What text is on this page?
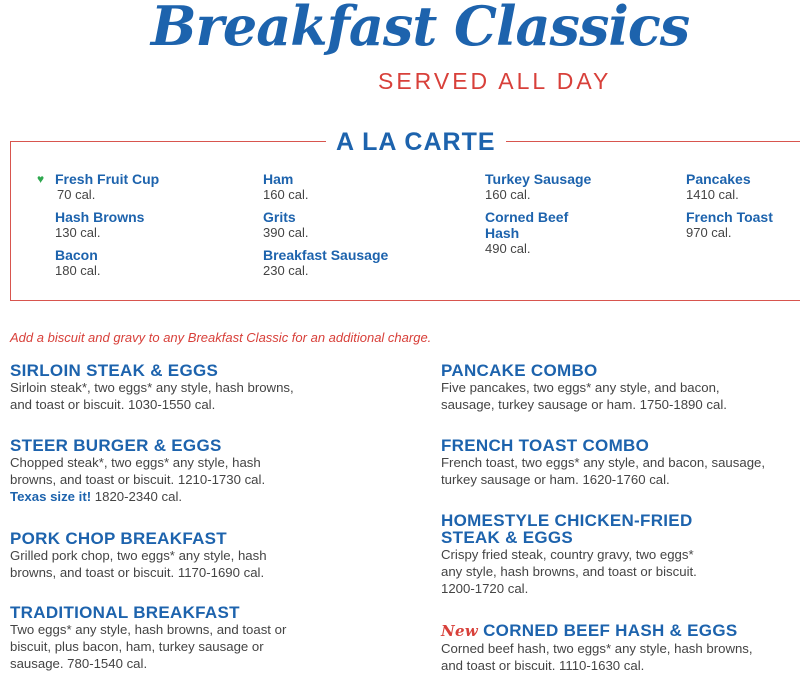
Breakfast Classics
SERVED ALL DAY
A LA CARTE
♥ Fresh Fruit Cup
70 cal.
Hash Browns
130 cal.
Bacon
180 cal.
Ham
160 cal.
Grits
390 cal.
Breakfast Sausage
230 cal.
Turkey Sausage
160 cal.
Corned Beef Hash
490 cal.
Pancakes
1410 cal.
French Toast
970 cal.
Add a biscuit and gravy to any Breakfast Classic for an additional charge.
SIRLOIN STEAK & EGGS
Sirloin steak*, two eggs* any style, hash browns, and toast or biscuit. 1030-1550 cal.
STEER BURGER & EGGS
Chopped steak*, two eggs* any style, hash browns, and toast or biscuit. 1210-1730 cal.
Texas size it! 1820-2340 cal.
PORK CHOP BREAKFAST
Grilled pork chop, two eggs* any style, hash browns, and toast or biscuit. 1170-1690 cal.
TRADITIONAL BREAKFAST
Two eggs* any style, hash browns, and toast or biscuit, plus bacon, ham, turkey sausage or sausage. 780-1540 cal.
PANCAKE COMBO
Five pancakes, two eggs* any style, and bacon, sausage, turkey sausage or ham. 1750-1890 cal.
FRENCH TOAST COMBO
French toast, two eggs* any style, and bacon, sausage, turkey sausage or ham. 1620-1760 cal.
HOMESTYLE CHICKEN-FRIED STEAK & EGGS
Crispy fried steak, country gravy, two eggs* any style, hash browns, and toast or biscuit. 1200-1720 cal.
New CORNED BEEF HASH & EGGS
Corned beef hash, two eggs* any style, hash browns, and toast or biscuit. 1110-1630 cal.
